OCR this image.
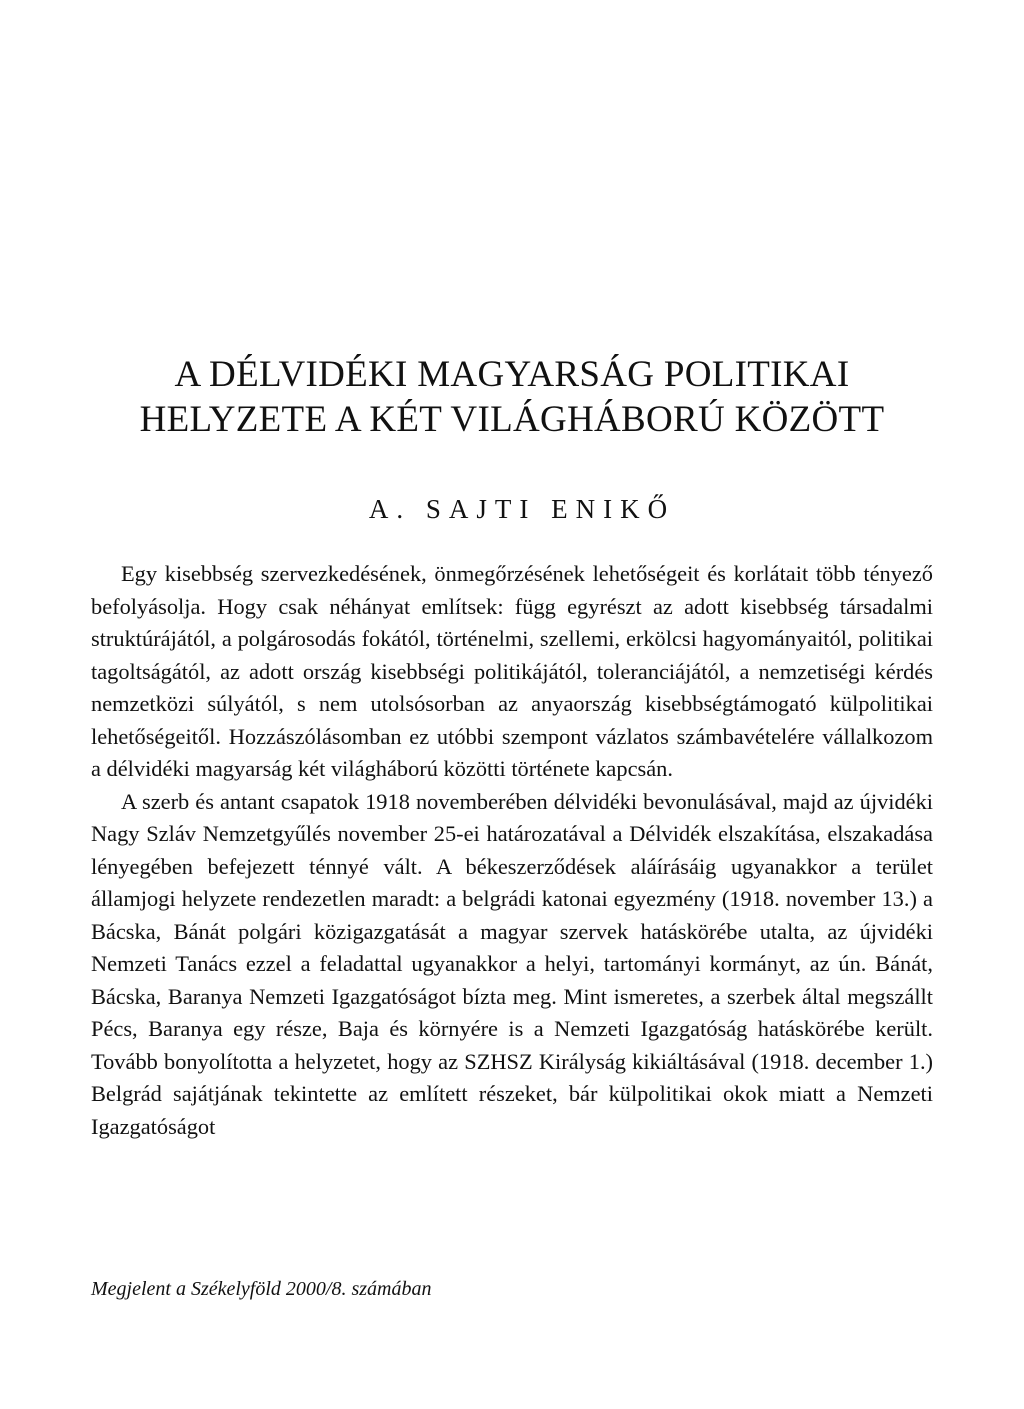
A DÉLVIDÉKI MAGYARSÁG POLITIKAI
HELYZETE A KÉT VILÁGHÁBORÚ KÖZÖTT

A. SAJTI ENIKŐ

Egy kisebbség szervezkedésének, önmegőrzésének lehetőségeit és korlátait több tényező befolyásolja. Hogy csak néhányat említsek: függ egyrészt az adott kisebbség társadalmi struktúrájától, a polgárosodás fokától, történelmi, szellemi, erkölcsi hagyományaitól, politikai tagoltságától, az adott ország kisebbségi politikájától, toleranciájától, a nemzetiségi kérdés nemzetközi súlyától, s nem utolsósorban az anyaország kisebbségtámogató külpolitikai lehetőségeitől. Hozzászólásomban ez utóbbi szempont vázlatos számbavételére vállalkozom a délvidéki magyarság két világháború közötti története kapcsán.

A szerb és antant csapatok 1918 novemberében délvidéki bevonulásával, majd az újvidéki Nagy Szláv Nemzetgyűlés november 25-ei határozatával a Délvidék elszakítása, elszakadása lényegében befejezett ténnyé vált. A békeszerződések aláírásáig ugyanakkor a terület államjogi helyzete rendezetlen maradt: a belgrádi katonai egyezmény (1918. november 13.) a Bácska, Bánát polgári közigazgatását a magyar szervek hatáskörébe utalta, az újvidéki Nemzeti Tanács ezzel a feladattal ugyanakkor a helyi, tartományi kormányt, az ún. Bánát, Bácska, Baranya Nemzeti Igazgatóságot bízta meg. Mint ismeretes, a szerbek által megszállt Pécs, Baranya egy része, Baja és környére is a Nemzeti Igazgatóság hatáskörébe került. Tovább bonyolította a helyzetet, hogy az SZHSZ Királyság kikiáltásával (1918. december 1.) Belgrád sajátjának tekintette az említett részeket, bár külpolitikai okok miatt a Nemzeti Igazgatóságot

Megjelent a Székelyföld 2000/8. számában
